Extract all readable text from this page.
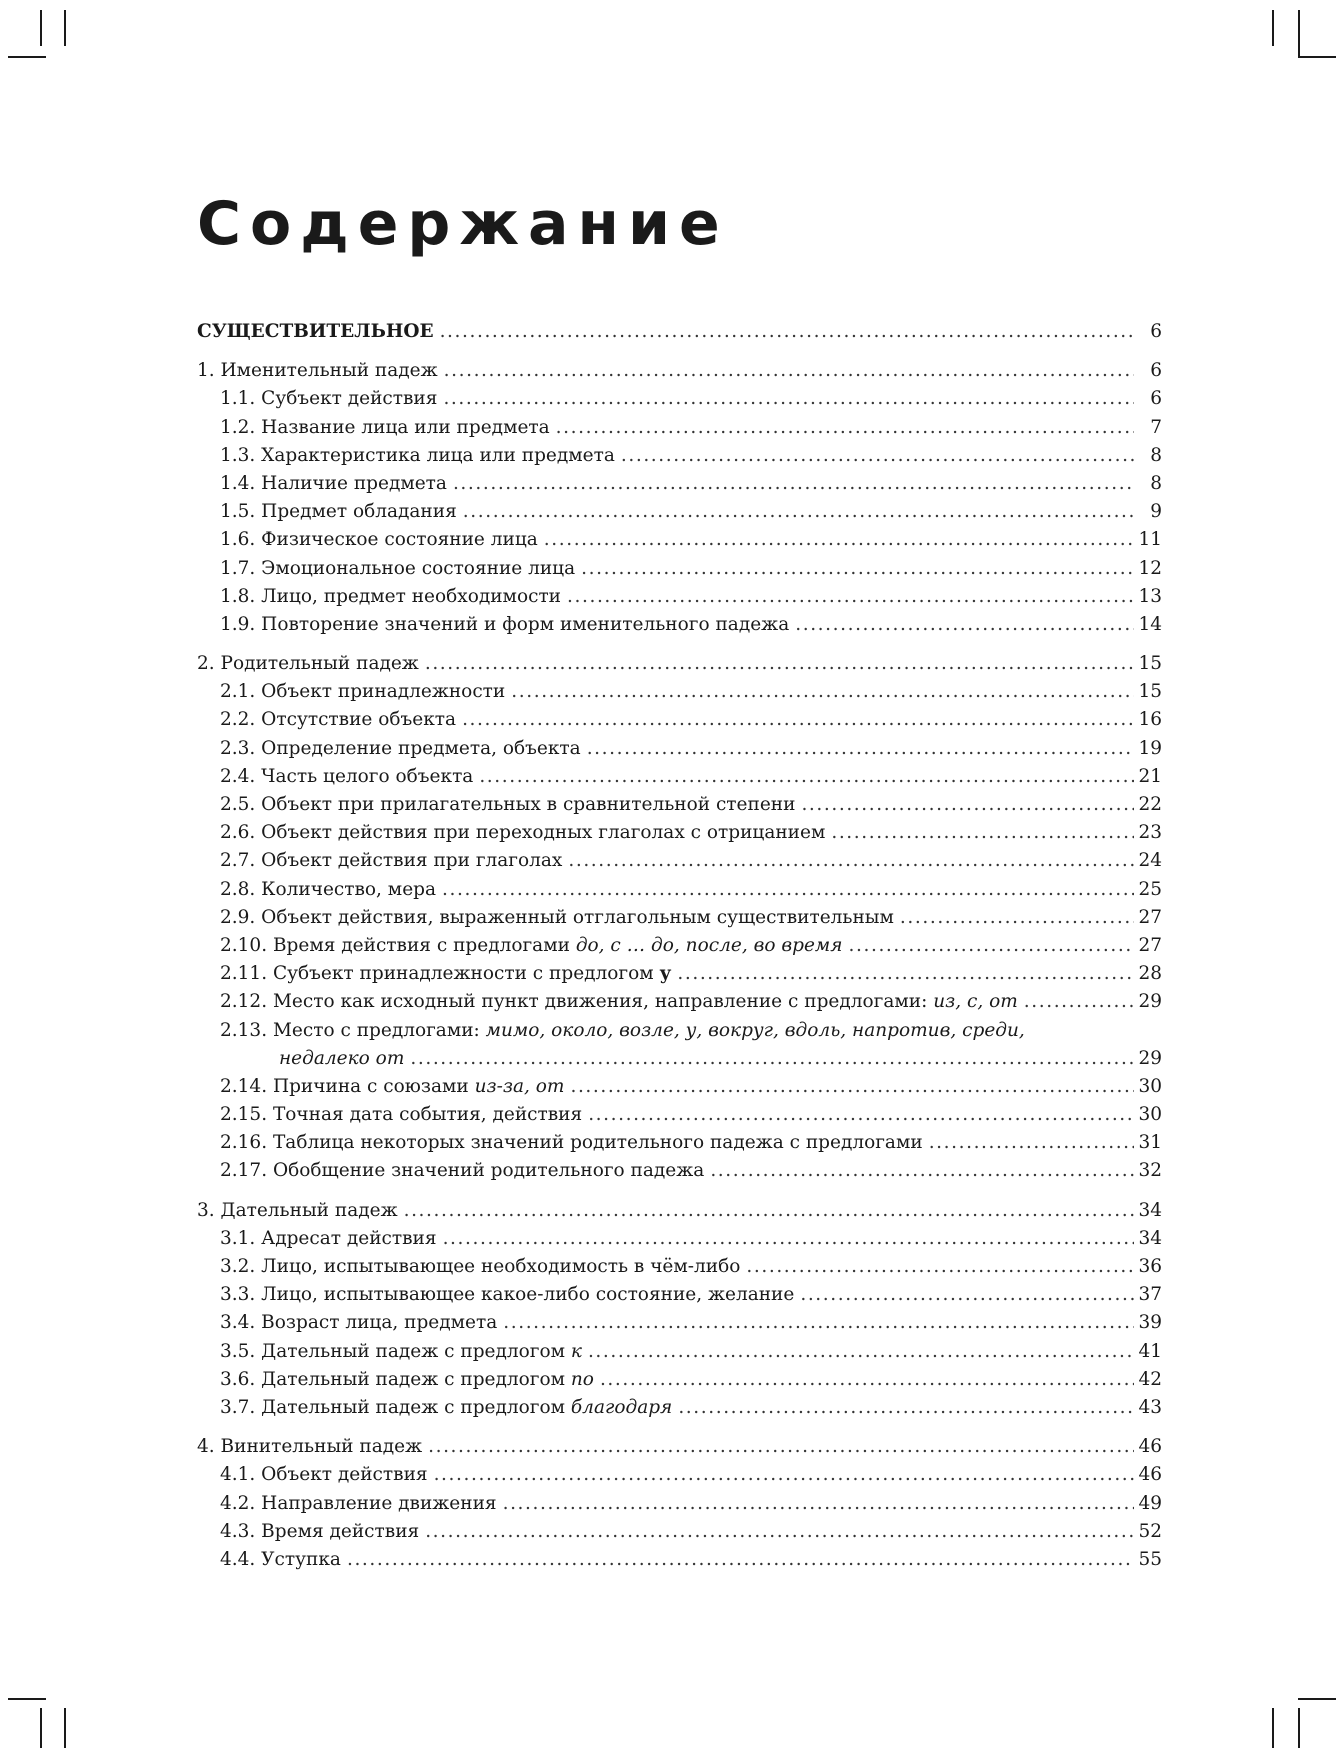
Содержание
СУЩЕСТВИТЕЛЬНОЕ .....	6
1. Именительный падеж .....	6
1.1. Субъект действия .....	6
1.2. Название лица или предмета .....	7
1.3. Характеристика лица или предмета .....	8
1.4. Наличие предмета .....	8
1.5. Предмет обладания .....	9
1.6. Физическое состояние лица .....	11
1.7. Эмоциональное состояние лица .....	12
1.8. Лицо, предмет необходимости .....	13
1.9. Повторение значений и форм именительного падежа .....	14
2. Родительный падеж .....	15
2.1. Объект принадлежности .....	15
2.2. Отсутствие объекта .....	16
2.3. Определение предмета, объекта .....	19
2.4. Часть целого объекта .....	21
2.5. Объект при прилагательных в сравнительной степени .....	22
2.6. Объект действия при переходных глаголах с отрицанием .....	23
2.7. Объект действия при глаголах .....	24
2.8. Количество, мера .....	25
2.9. Объект действия, выраженный отглагольным существительным .....	27
2.10. Время действия с предлогами до, с … до, после, во время .....	27
2.11. Субъект принадлежности с предлогом у .....	28
2.12. Место как исходный пункт движения, направление с предлогами: из, с, от .....	29
2.13. Место с предлогами: мимо, около, возле, у, вокруг, вдоль, напротив, среди,
недалеко от .....	29
2.14. Причина с союзами из-за, от .....	30
2.15. Точная дата события, действия .....	30
2.16. Таблица некоторых значений родительного падежа с предлогами .....	31
2.17. Обобщение значений родительного падежа .....	32
3. Дательный падеж .....	34
3.1. Адресат действия .....	34
3.2. Лицо, испытывающее необходимость в чём-либо .....	36
3.3. Лицо, испытывающее какое-либо состояние, желание .....	37
3.4. Возраст лица, предмета .....	39
3.5. Дательный падеж с предлогом к .....	41
3.6. Дательный падеж с предлогом по .....	42
3.7. Дательный падеж с предлогом благодаря .....	43
4. Винительный падеж .....	46
4.1. Объект действия .....	46
4.2. Направление движения .....	49
4.3. Время действия .....	52
4.4. Уступка .....	55
